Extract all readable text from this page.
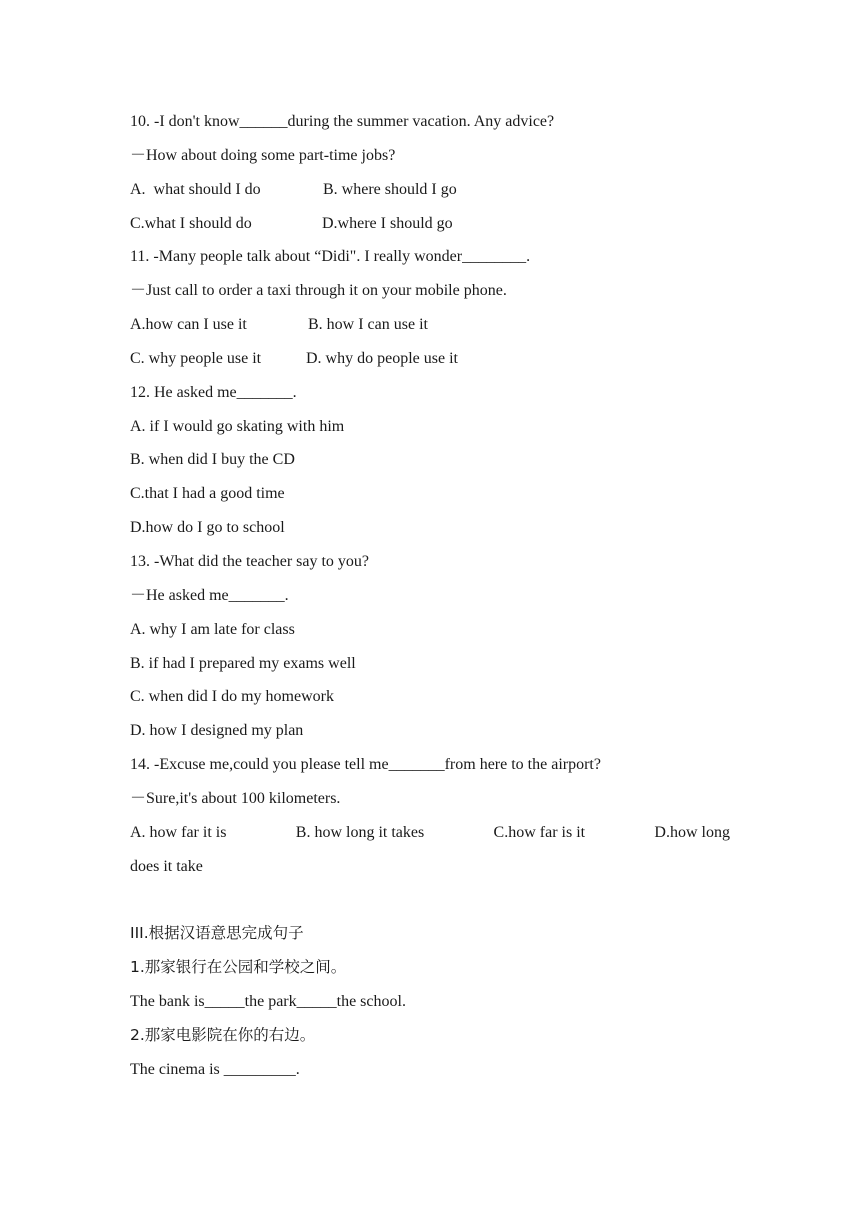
10. -I don't know______during the summer vacation. Any advice?
－How about doing some part-time jobs?
A.  what should I do	B. where should I go
C.what I should do	D.where I should go
11. -Many people talk about “Didi". I really wonder________.
－Just call to order a taxi through it on your mobile phone.
A.how can I use it	B. how I can use it
C. why people use it	D. why do people use it
12. He asked me_______.
A. if I would go skating with him
B. when did I buy the CD
C.that I had a good time
D.how do I go to school
13. -What did the teacher say to you?
－He asked me_______.
A. why I am late for class
B. if had I prepared my exams well
C. when did I do my homework
D. how I designed my plan
14. -Excuse me,could you please tell me_______from here to the airport?
－Sure,it's about 100 kilometers.
A. how far it is	B. how long it takes	C.how far is it	D.how long
does it take
III.根据汉语意思完成句子
1.那家银行在公园和学校之间。
The bank is_____the park_____the school.
2.那家电影院在你的右边。
The cinema is _________.
